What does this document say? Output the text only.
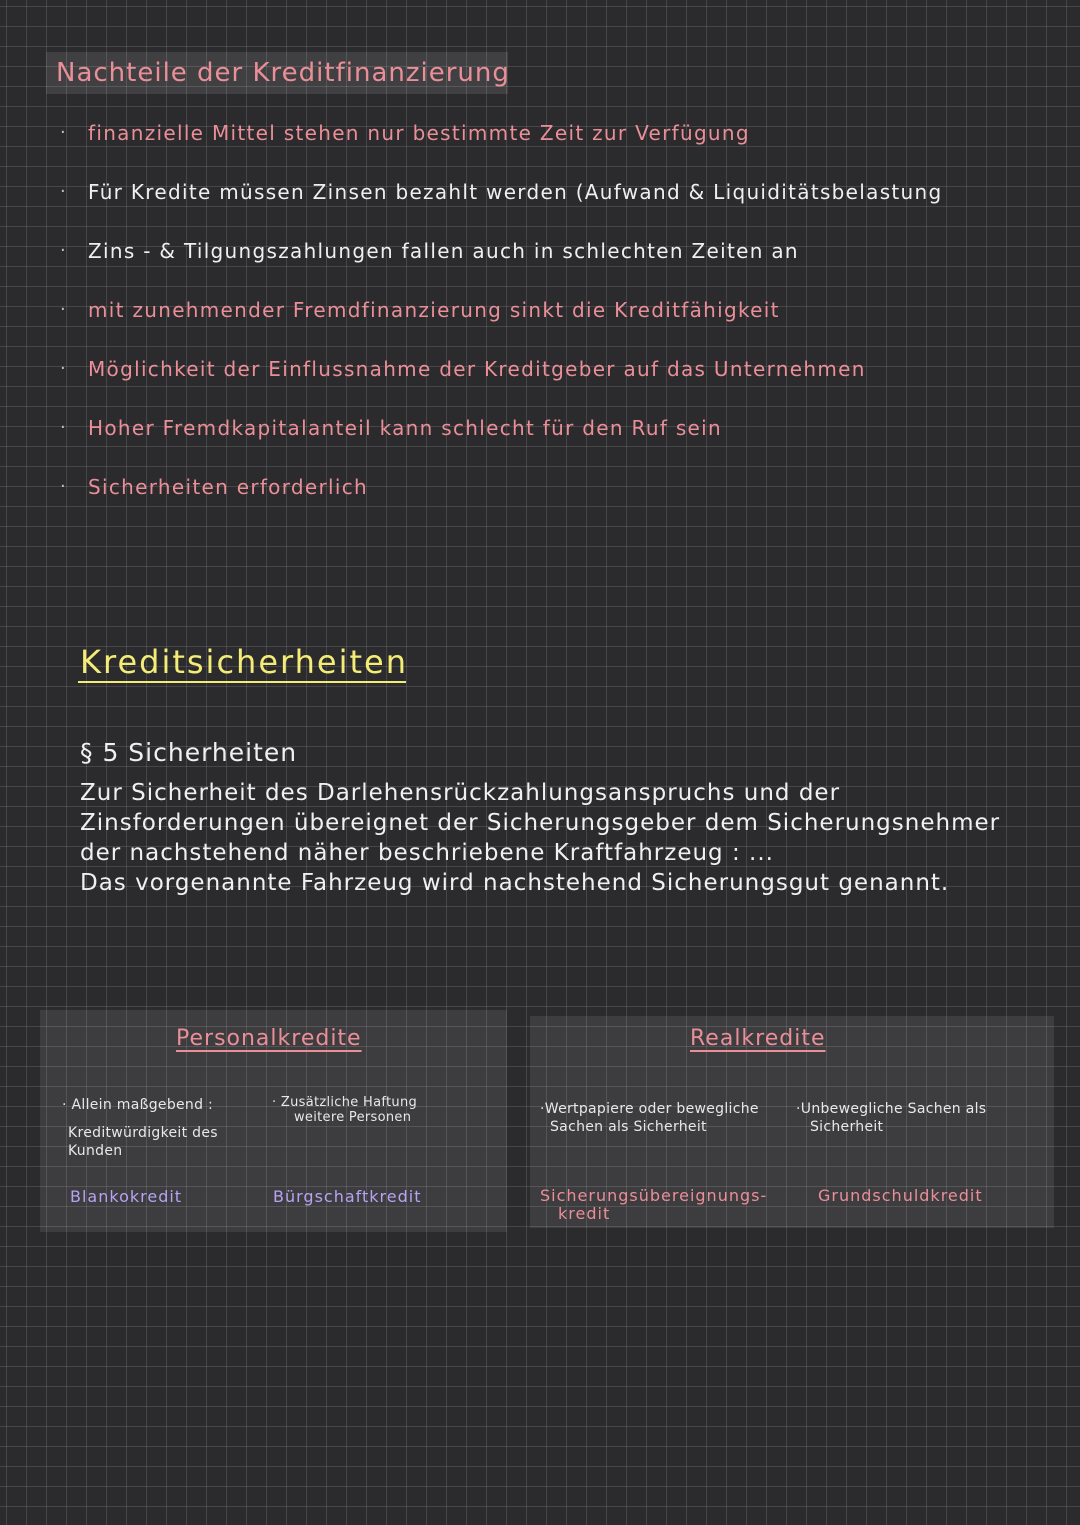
Nachteile der Kreditfinanzierung
·	finanzielle Mittel stehen nur bestimmte Zeit zur Verfügung
·	Für Kredite müssen Zinsen bezahlt werden (Aufwand & Liquiditätsbelastung
·	Zins - & Tilgungszahlungen fallen auch in schlechten Zeiten an
·	mit zunehmender Fremdfinanzierung sinkt die Kreditfähigkeit
·	Möglichkeit der Einflussnahme der Kreditgeber auf das Unternehmen
·	Hoher Fremdkapitalanteil kann schlecht für den Ruf sein
·	Sicherheiten erforderlich
Kreditsicherheiten
§ 5 Sicherheiten
Zur Sicherheit des Darlehensrückzahlungsanspruchs und der
Zinsforderungen übereignet der Sicherungsgeber dem Sicherungsnehmer
der nachstehend näher beschriebene Kraftfahrzeug : ...
Das vorgenannte Fahrzeug wird nachstehend Sicherungsgut genannt.
Personalkredite
· Allein maßgebend :
Kreditwürdigkeit des
Kunden
· Zusätzliche Haftung
weitere Personen
Blankokredit	Bürgschaftkredit
Realkredite
·Wertpapiere oder bewegliche
Sachen als Sicherheit
·Unbewegliche Sachen als
Sicherheit
Sicherungsübereignungs-
kredit
Grundschuldkredit
